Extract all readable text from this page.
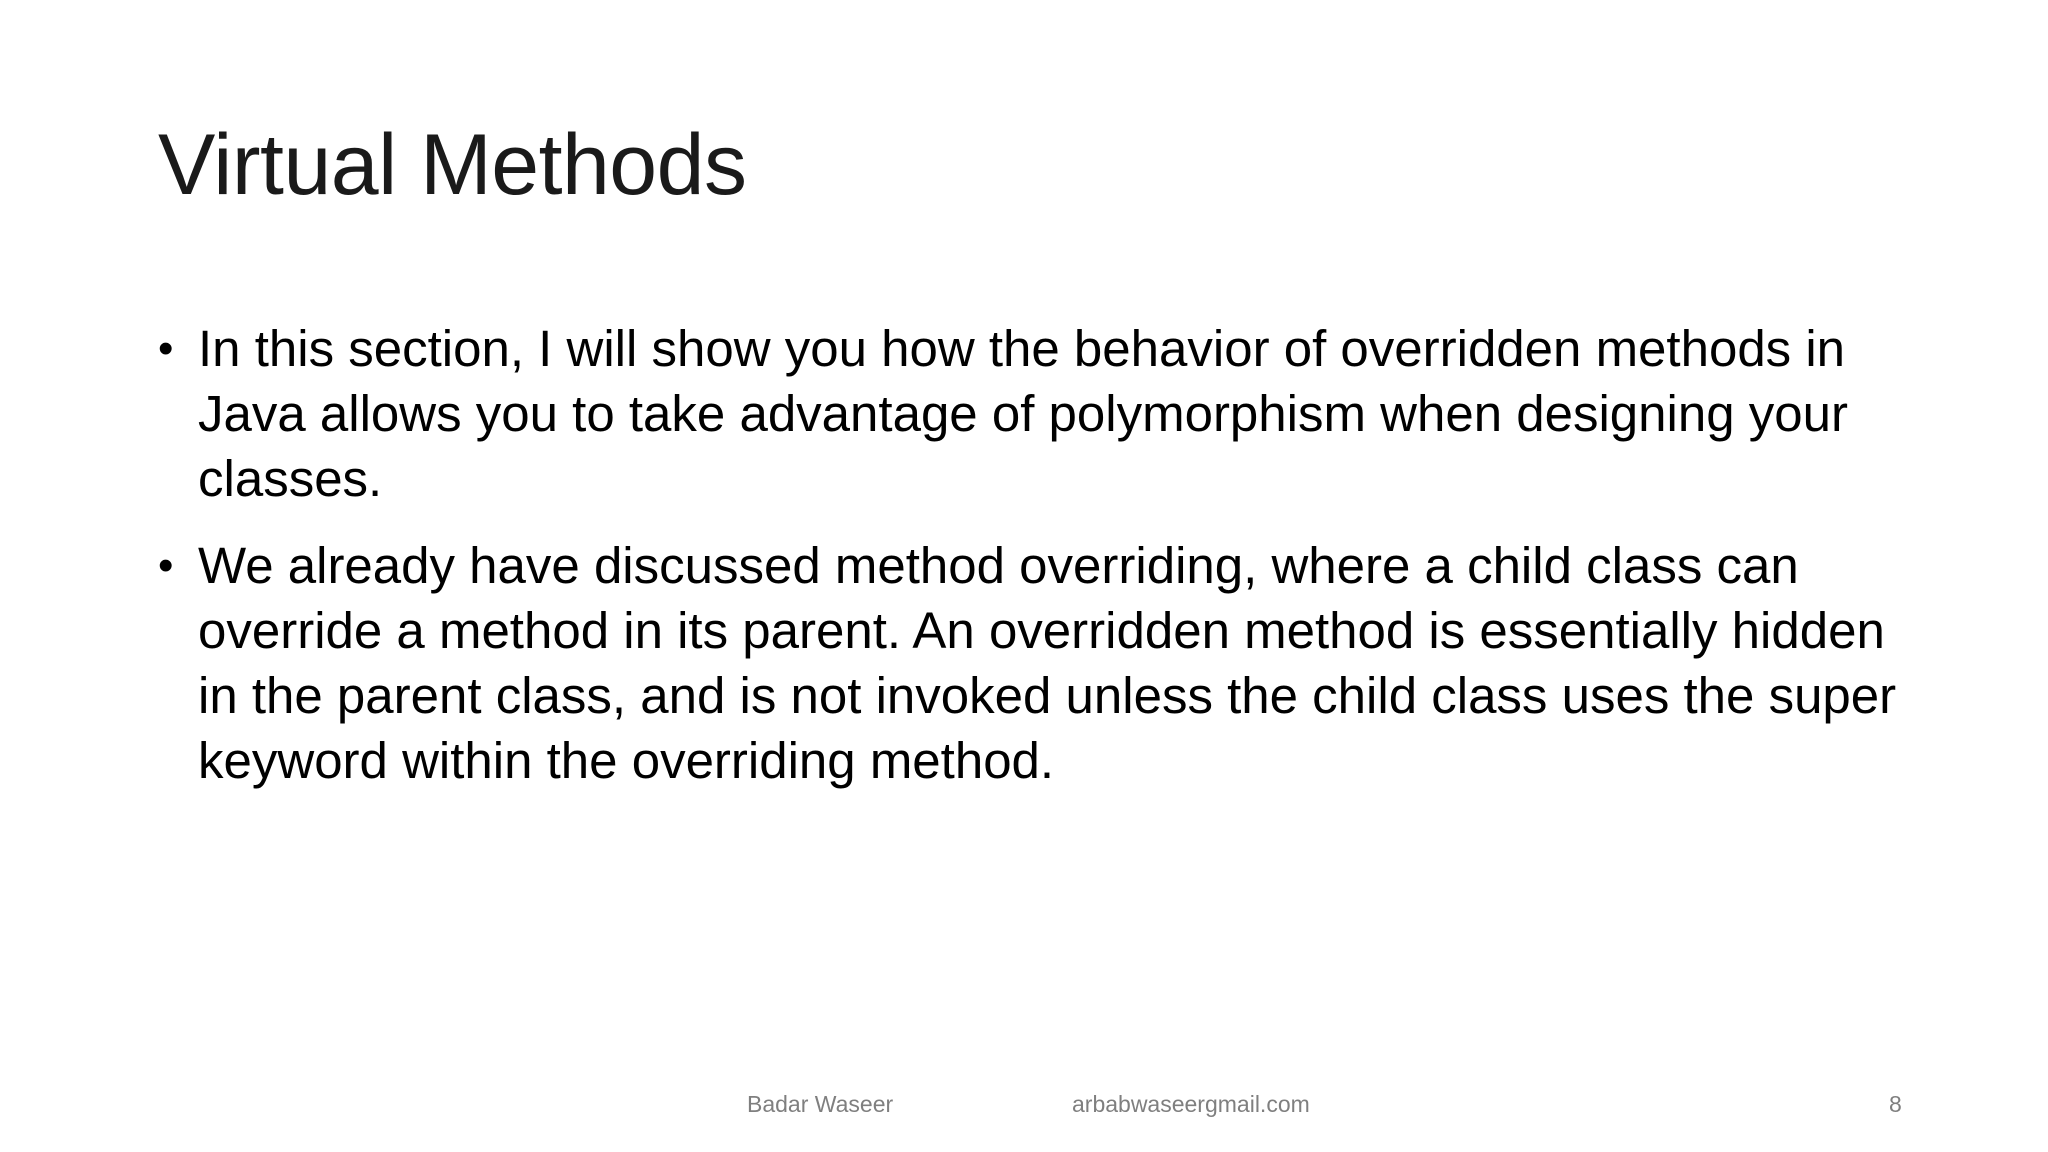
Virtual Methods
• In this section, I will show you how the behavior of overridden methods in Java allows you to take advantage of polymorphism when designing your classes.
• We already have discussed method overriding, where a child class can override a method in its parent. An overridden method is essentially hidden in the parent class, and is not invoked unless the child class uses the super keyword within the overriding method.
Badar Waseer	arbabwaseergmail.com	8
